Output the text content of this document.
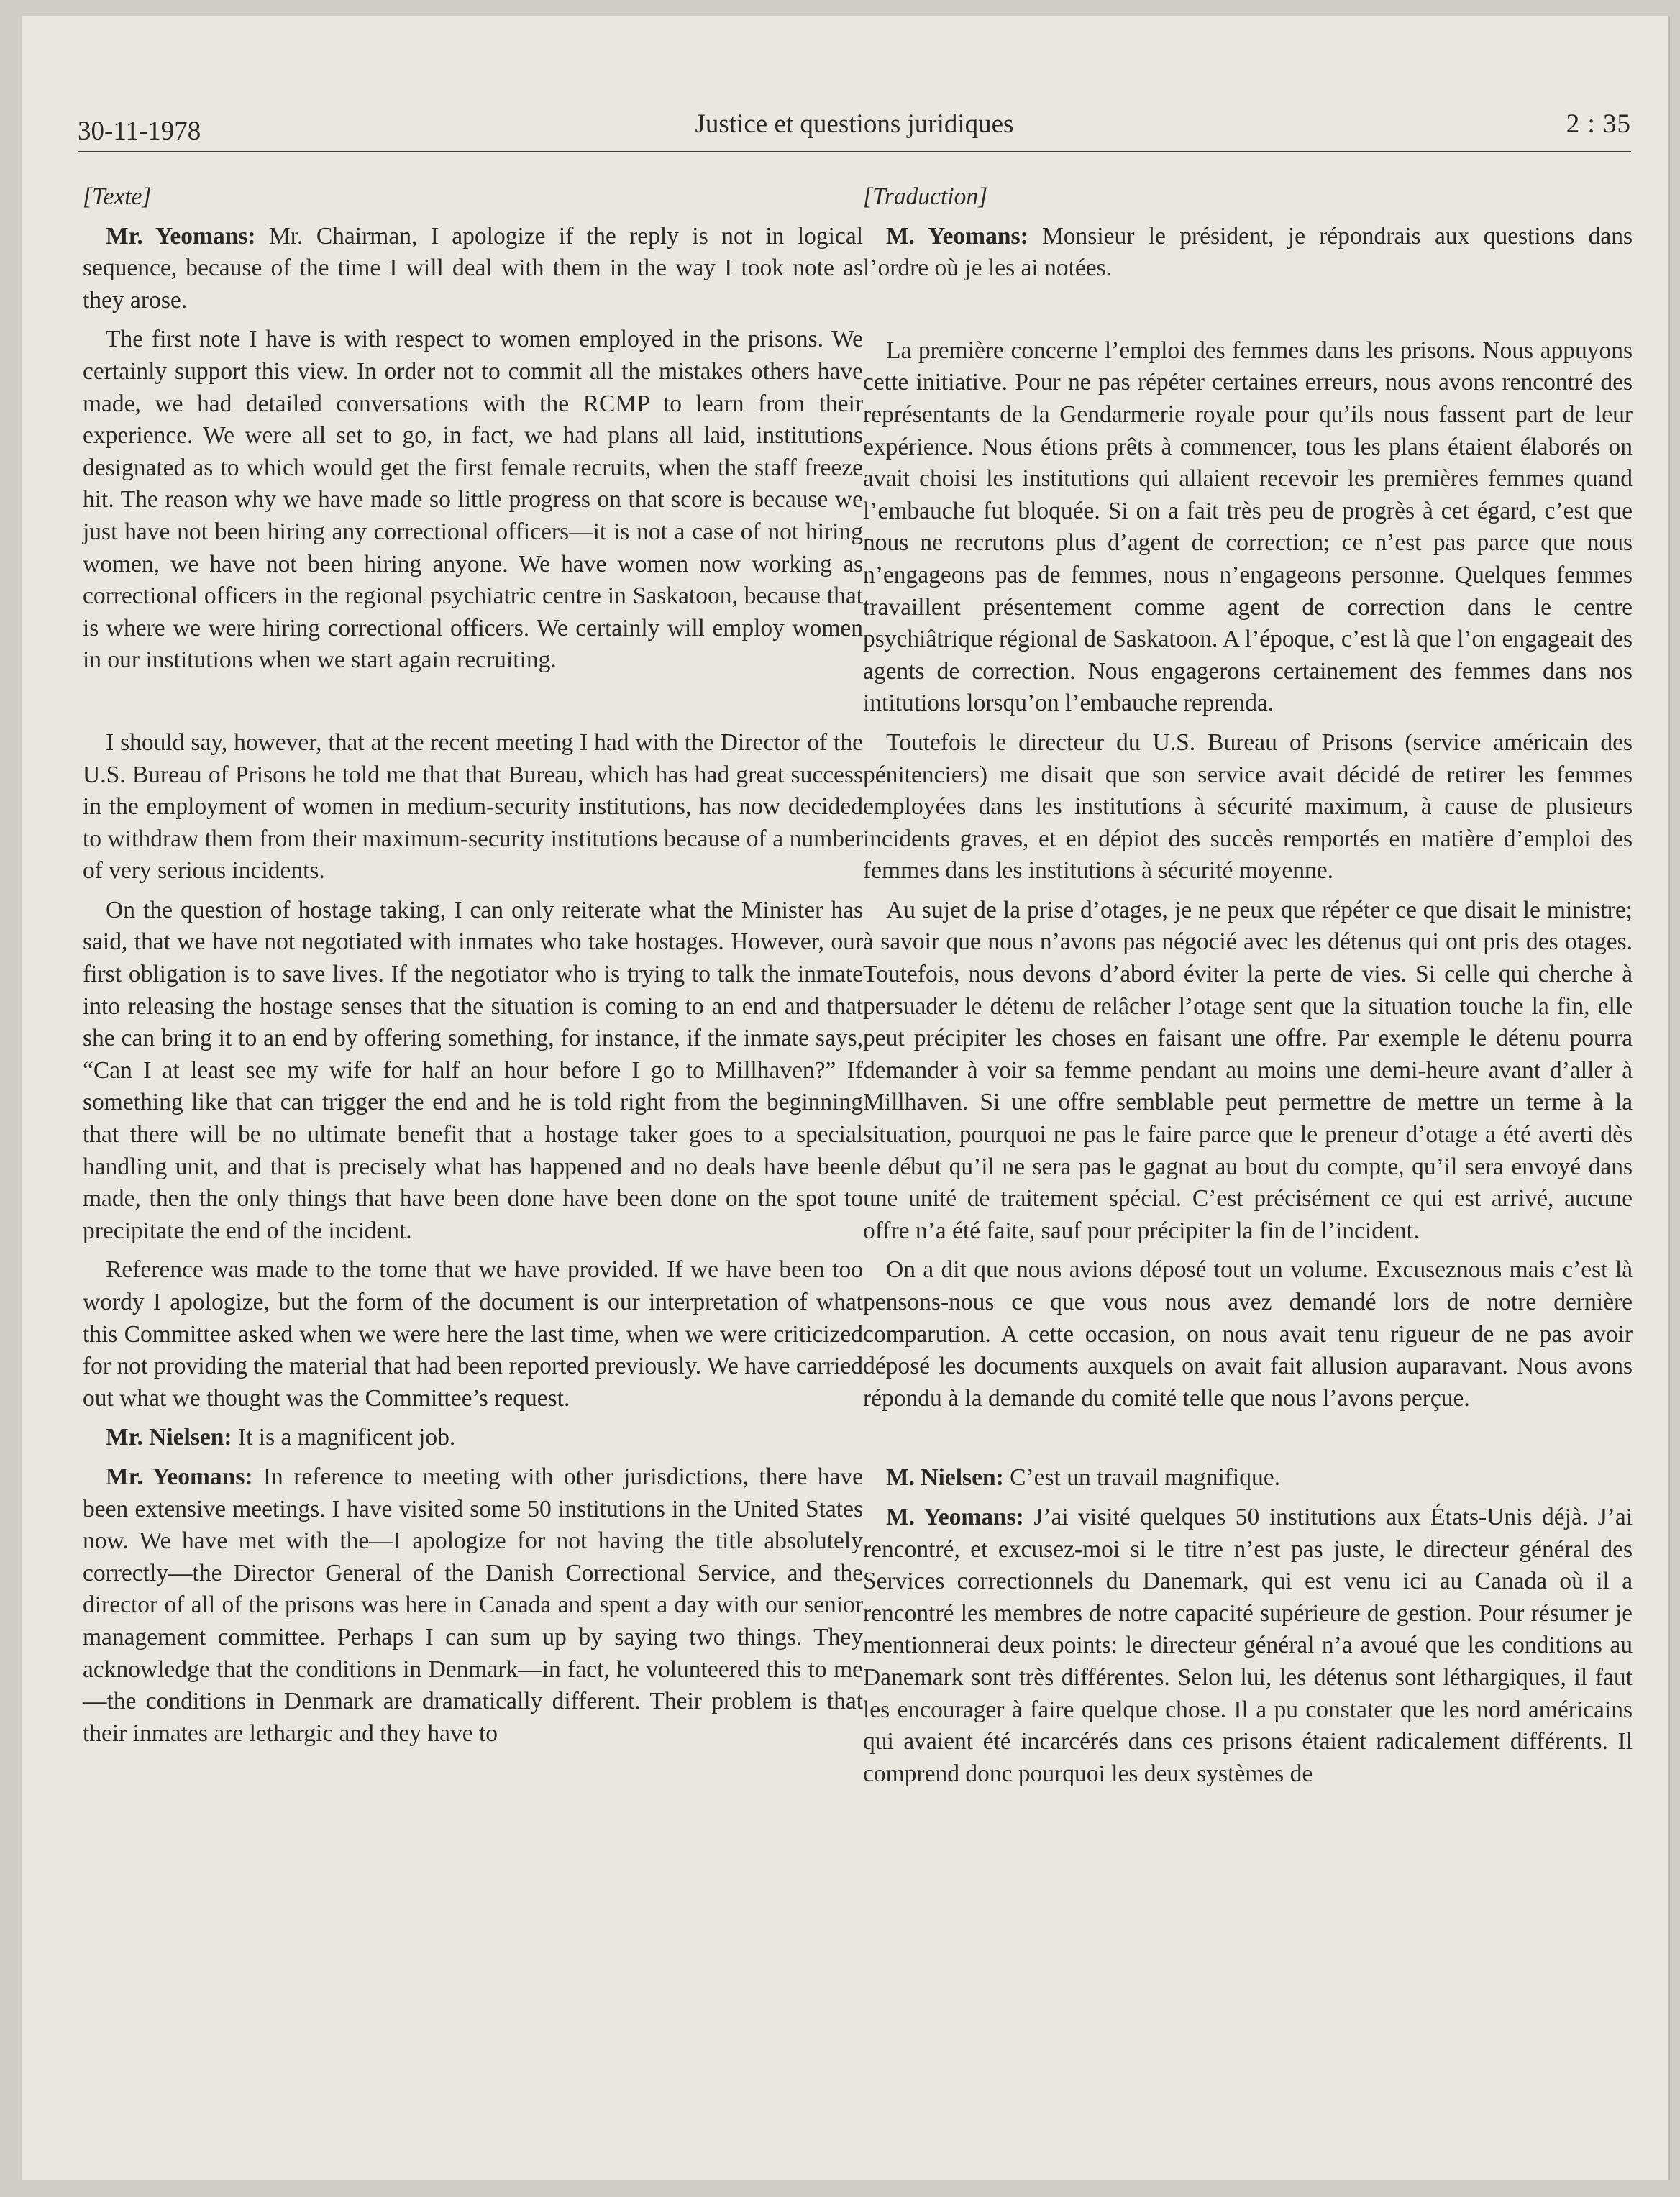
30-11-1978	Justice et questions juridiques	2 : 35

[Texte]

Mr. Yeomans: Mr. Chairman, I apologize if the reply is not in logical sequence, because of the time I will deal with them in the way I took note as they arose.

The first note I have is with respect to women employed in the prisons. We certainly support this view. In order not to commit all the mistakes others have made, we had detailed conversations with the RCMP to learn from their experience. We were all set to go, in fact, we had plans all laid, institutions designated as to which would get the first female recruits, when the staff freeze hit. The reason why we have made so little progress on that score is because we just have not been hiring any correctional officers—it is not a case of not hiring women, we have not been hiring anyone. We have women now working as correctional officers in the regional psychiatric centre in Saskatoon, because that is where we were hiring correctional officers. We certainly will employ women in our institutions when we start again recruiting.

I should say, however, that at the recent meeting I had with the Director of the U.S. Bureau of Prisons he told me that that Bureau, which has had great success in the employment of women in medium-security institutions, has now decided to withdraw them from their maximum-security institutions because of a number of very serious incidents.

On the question of hostage taking, I can only reiterate what the Minister has said, that we have not negotiated with inmates who take hostages. However, our first obligation is to save lives. If the negotiator who is trying to talk the inmate into releasing the hostage senses that the situation is coming to an end and that she can bring it to an end by offering something, for instance, if the inmate says, “Can I at least see my wife for half an hour before I go to Millhaven?” If something like that can trigger the end and he is told right from the beginning that there will be no ultimate benefit that a hostage taker goes to a special handling unit, and that is precisely what has happened and no deals have been made, then the only things that have been done have been done on the spot to precipitate the end of the incident.

Reference was made to the tome that we have provided. If we have been too wordy I apologize, but the form of the document is our interpretation of what this Committee asked when we were here the last time, when we were criticized for not providing the material that had been reported previously. We have carried out what we thought was the Committee’s request.

Mr. Nielsen: It is a magnificent job.

Mr. Yeomans: In reference to meeting with other jurisdictions, there have been extensive meetings. I have visited some 50 institutions in the United States now. We have met with the—I apologize for not having the title absolutely correctly—the Director General of the Danish Correctional Service, and the director of all of the prisons was here in Canada and spent a day with our senior management committee. Perhaps I can sum up by saying two things. They acknowledge that the conditions in Denmark—in fact, he volunteered this to me—the conditions in Denmark are dramatically different. Their problem is that their inmates are lethargic and they have to

[Traduction]

M. Yeomans: Monsieur le président, je répondrais aux questions dans l’ordre où je les ai notées.

La première concerne l’emploi des femmes dans les prisons. Nous appuyons cette initiative. Pour ne pas répéter certaines erreurs, nous avons rencontré des représentants de la Gendarmerie royale pour qu’ils nous fassent part de leur expérience. Nous étions prêts à commencer, tous les plans étaient élaborés on avait choisi les institutions qui allaient recevoir les premières femmes quand l’embauche fut bloquée. Si on a fait très peu de progrès à cet égard, c’est que nous ne recrutons plus d’agent de correction; ce n’est pas parce que nous n’engageons pas de femmes, nous n’engageons personne. Quelques femmes travaillent présentement comme agent de correction dans le centre psychiâtrique régional de Saskatoon. A l’époque, c’est là que l’on engageait des agents de correction. Nous engagerons certainement des femmes dans nos intitutions lorsqu’on l’embauche reprenda.

Toutefois le directeur du U.S. Bureau of Prisons (service américain des pénitenciers) me disait que son service avait décidé de retirer les femmes employées dans les institutions à sécurité maximum, à cause de plusieurs incidents graves, et en dépiot des succès remportés en matière d’emploi des femmes dans les institutions à sécurité moyenne.

Au sujet de la prise d’otages, je ne peux que répéter ce que disait le ministre; à savoir que nous n’avons pas négocié avec les détenus qui ont pris des otages. Toutefois, nous devons d’abord éviter la perte de vies. Si celle qui cherche à persuader le détenu de relâcher l’otage sent que la situation touche la fin, elle peut précipiter les choses en faisant une offre. Par exemple le détenu pourra demander à voir sa femme pendant au moins une demi-heure avant d’aller à Millhaven. Si une offre semblable peut permettre de mettre un terme à la situation, pourquoi ne pas le faire parce que le preneur d’otage a été averti dès le début qu’il ne sera pas le gagnat au bout du compte, qu’il sera envoyé dans une unité de traitement spécial. C’est précisément ce qui est arrivé, aucune offre n’a été faite, sauf pour précipiter la fin de l’incident.

On a dit que nous avions déposé tout un volume. Excuseznous mais c’est là pensons-nous ce que vous nous avez demandé lors de notre dernière comparution. A cette occasion, on nous avait tenu rigueur de ne pas avoir déposé les documents auxquels on avait fait allusion auparavant. Nous avons répondu à la demande du comité telle que nous l’avons perçue.

M. Nielsen: C’est un travail magnifique.

M. Yeomans: J’ai visité quelques 50 institutions aux États-Unis déjà. J’ai rencontré, et excusez-moi si le titre n’est pas juste, le directeur général des Services correctionnels du Danemark, qui est venu ici au Canada où il a rencontré les membres de notre capacité supérieure de gestion. Pour résumer je mentionnerai deux points: le directeur général n’a avoué que les conditions au Danemark sont très différentes. Selon lui, les détenus sont léthargiques, il faut les encourager à faire quelque chose. Il a pu constater que les nord américains qui avaient été incarcérés dans ces prisons étaient radicalement différents. Il comprend donc pourquoi les deux systèmes de
